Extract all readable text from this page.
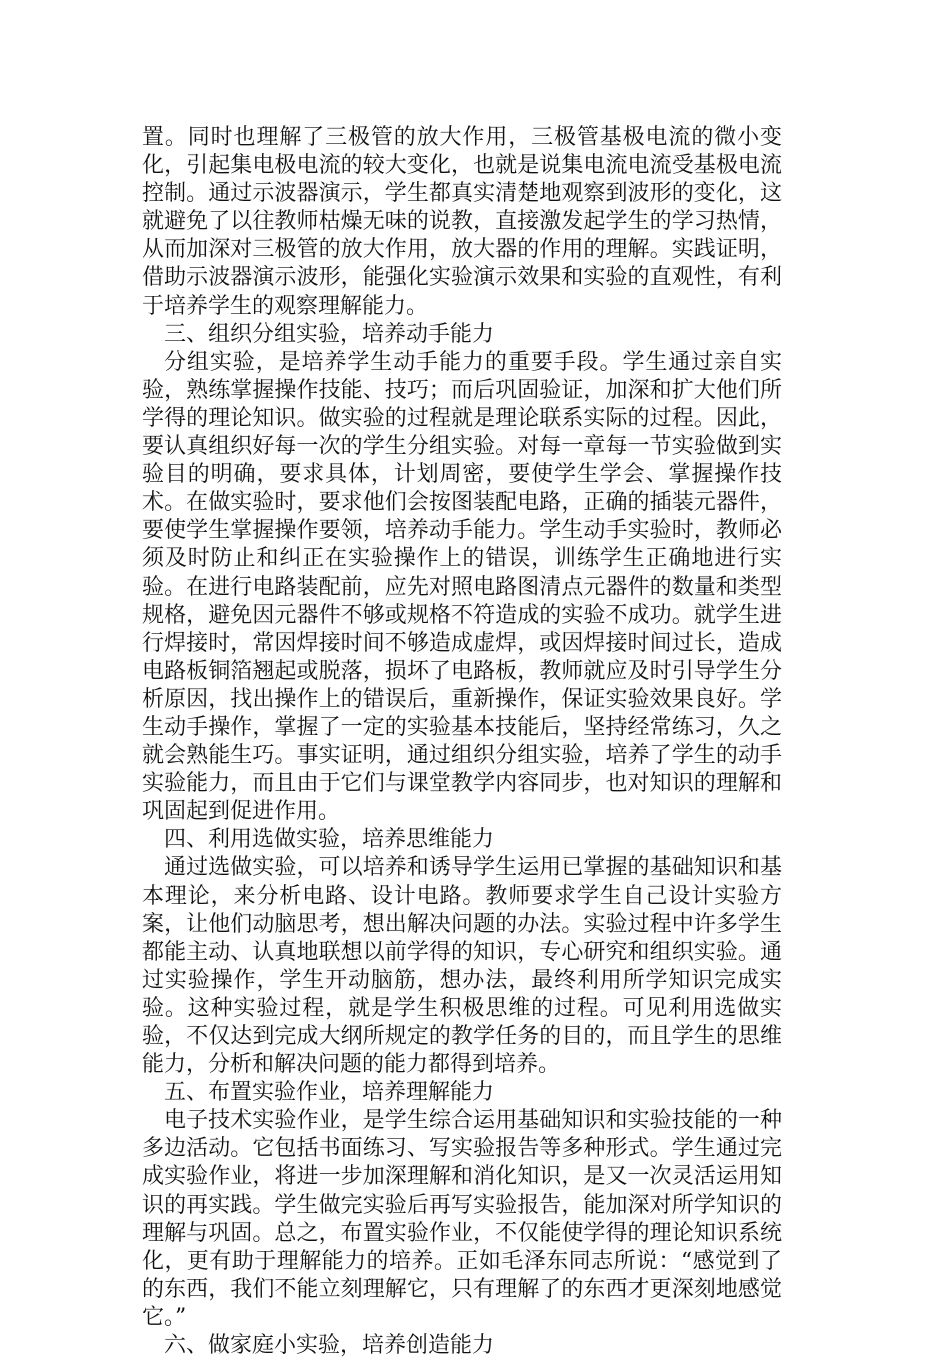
置。同时也理解了三极管的放大作用，三极管基极电流的微小变化，引起集电极电流的较大变化，也就是说集电流电流受基极电流控制。通过示波器演示，学生都真实清楚地观察到波形的变化，这就避免了以往教师枯燥无味的说教，直接激发起学生的学习热情，从而加深对三极管的放大作用，放大器的作用的理解。实践证明，借助示波器演示波形，能强化实验演示效果和实验的直观性，有利于培养学生的观察理解能力。

三、组织分组实验，培养动手能力

分组实验，是培养学生动手能力的重要手段。学生通过亲自实验，熟练掌握操作技能、技巧；而后巩固验证，加深和扩大他们所学得的理论知识。做实验的过程就是理论联系实际的过程。因此，要认真组织好每一次的学生分组实验。对每一章每一节实验做到实验目的明确，要求具体，计划周密，要使学生学会、掌握操作技术。在做实验时，要求他们会按图装配电路，正确的插装元器件，要使学生掌握操作要领，培养动手能力。学生动手实验时，教师必须及时防止和纠正在实验操作上的错误，训练学生正确地进行实验。在进行电路装配前，应先对照电路图清点元器件的数量和类型规格，避免因元器件不够或规格不符造成的实验不成功。就学生进行焊接时，常因焊接时间不够造成虚焊，或因焊接时间过长，造成电路板铜箔翘起或脱落，损坏了电路板，教师就应及时引导学生分析原因，找出操作上的错误后，重新操作，保证实验效果良好。学生动手操作，掌握了一定的实验基本技能后，坚持经常练习，久之就会熟能生巧。事实证明，通过组织分组实验，培养了学生的动手实验能力，而且由于它们与课堂教学内容同步，也对知识的理解和巩固起到促进作用。

四、利用选做实验，培养思维能力

通过选做实验，可以培养和诱导学生运用已掌握的基础知识和基本理论，来分析电路、设计电路。教师要求学生自己设计实验方案，让他们动脑思考，想出解决问题的办法。实验过程中许多学生都能主动、认真地联想以前学得的知识，专心研究和组织实验。通过实验操作，学生开动脑筋，想办法，最终利用所学知识完成实验。这种实验过程，就是学生积极思维的过程。可见利用选做实验，不仅达到完成大纲所规定的教学任务的目的，而且学生的思维能力，分析和解决问题的能力都得到培养。

五、布置实验作业，培养理解能力

电子技术实验作业，是学生综合运用基础知识和实验技能的一种多边活动。它包括书面练习、写实验报告等多种形式。学生通过完成实验作业，将进一步加深理解和消化知识，是又一次灵活运用知识的再实践。学生做完实验后再写实验报告，能加深对所学知识的理解与巩固。总之，布置实验作业，不仅能使学得的理论知识系统化，更有助于理解能力的培养。正如毛泽东同志所说：“感觉到了的东西，我们不能立刻理解它，只有理解了的东西才更深刻地感觉它。”

六、做家庭小实验，培养创造能力
